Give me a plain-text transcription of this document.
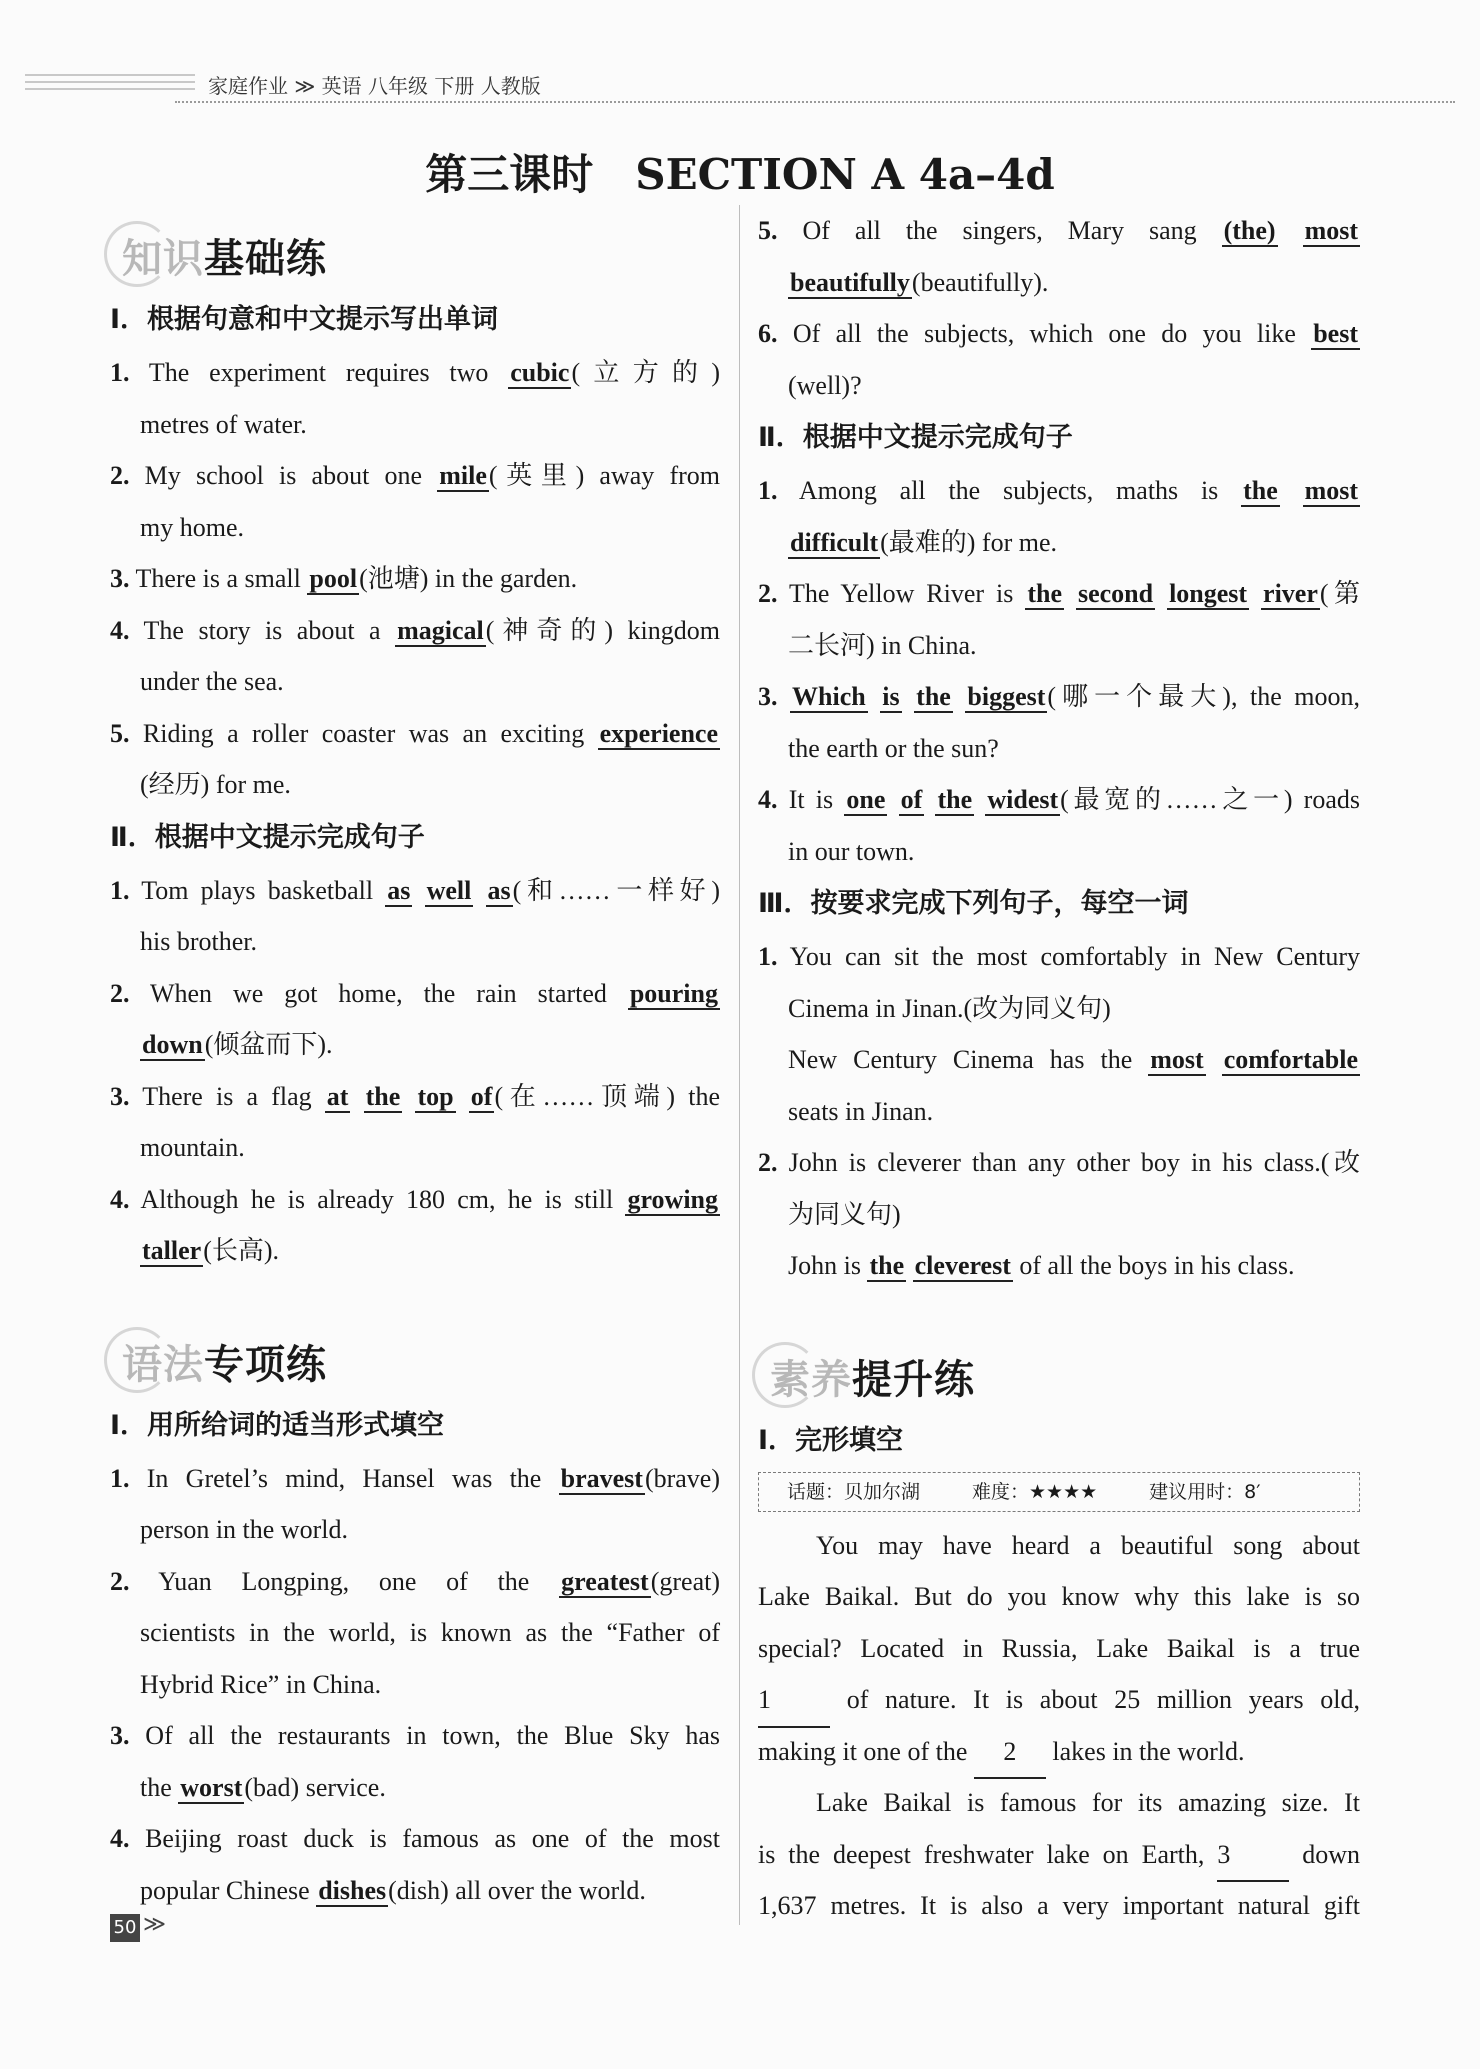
家庭作业 ≫ 英语 八年级 下册 人教版
第三课时　SECTION A 4a–4d
知识基础练
Ⅰ．根据句意和中文提示写出单词
1. The experiment requires two cubic(立方的)
metres of water.
2. My school is about one mile(英里) away from
my home.
3. There is a small pool(池塘) in the garden.
4. The story is about a magical(神奇的) kingdom
under the sea.
5. Riding a roller coaster was an exciting experience
(经历) for me.
Ⅱ．根据中文提示完成句子
1. Tom plays basketball as well as(和……一样好)
his brother.
2. When we got home, the rain started pouring
down(倾盆而下).
3. There is a flag at the top of(在……顶端) the
mountain.
4. Although he is already 180 cm, he is still growing
taller(长高).
语法专项练
Ⅰ．用所给词的适当形式填空
1. In Gretel’s mind, Hansel was the bravest(brave)
person in the world.
2. Yuan Longping, one of the greatest(great)
scientists in the world, is known as the “Father of
Hybrid Rice” in China.
3. Of all the restaurants in town, the Blue Sky has
the worst(bad) service.
4. Beijing roast duck is famous as one of the most
popular Chinese dishes(dish) all over the world.
5. Of all the singers, Mary sang (the) most
beautifully(beautifully).
6. Of all the subjects, which one do you like best
(well)?
Ⅱ．根据中文提示完成句子
1. Among all the subjects, maths is the most
difficult(最难的) for me.
2. The Yellow River is the second longest river(第
二长河) in China.
3. Which is the biggest(哪一个最大), the moon,
the earth or the sun?
4. It is one of the widest(最宽的……之一) roads
in our town.
Ⅲ．按要求完成下列句子，每空一词
1. You can sit the most comfortably in New Century
Cinema in Jinan.(改为同义句)
New Century Cinema has the most comfortable
seats in Jinan.
2. John is cleverer than any other boy in his class.(改
为同义句)
John is the cleverest of all the boys in his class.
素养提升练
Ⅰ．完形填空
话题：贝加尔湖	难度：★★★★	建议用时：8′
You may have heard a beautiful song about
Lake Baikal. But do you know why this lake is so
special? Located in Russia, Lake Baikal is a true
1 of nature. It is about 25 million years old,
making it one of the 2 lakes in the world.
Lake Baikal is famous for its amazing size. It
is the deepest freshwater lake on Earth, 3 down
1,637 metres. It is also a very important natural gift
50 ≫
